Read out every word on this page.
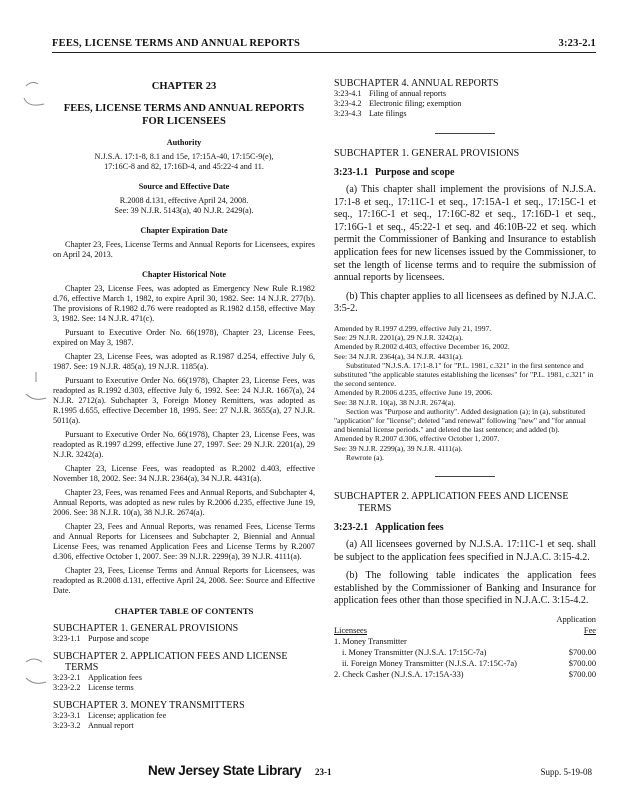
FEES, LICENSE TERMS AND ANNUAL REPORTS	3:23-2.1
CHAPTER 23
FEES, LICENSE TERMS AND ANNUAL REPORTS
FOR LICENSEES
Authority
N.J.S.A. 17:1-8, 8.1 and 15e, 17:15A-40, 17:15C-9(e),
17:16C-8 and 82, 17:16D-4, and 45:22-4 and 11.
Source and Effective Date
R.2008 d.131, effective April 24, 2008.
See: 39 N.J.R. 5143(a), 40 N.J.R. 2429(a).
Chapter Expiration Date

Chapter 23, Fees, License Terms and Annual Reports for Licensees, expires on April 24, 2013.

Chapter Historical Note

Chapter 23, License Fees, was adopted as Emergency New Rule R.1982 d.76, effective March 1, 1982, to expire April 30, 1982. See: 14 N.J.R. 277(b). The provisions of R.1982 d.76 were readopted as R.1982 d.158, effective May 3, 1982. See: 14 N.J.R. 471(c).

Pursuant to Executive Order No. 66(1978), Chapter 23, License Fees, expired on May 3, 1987.

Chapter 23, License Fees, was adopted as R.1987 d.254, effective July 6, 1987. See: 19 N.J.R. 485(a), 19 N.J.R. 1185(a).

Pursuant to Executive Order No. 66(1978), Chapter 23, License Fees, was readopted as R.1992 d.303, effective July 6, 1992. See: 24 N.J.R. 1667(a), 24 N.J.R. 2712(a). Subchapter 3, Foreign Money Remitters, was adopted as R.1995 d.655, effective December 18, 1995. See: 27 N.J.R. 3655(a), 27 N.J.R. 5011(a).

Pursuant to Executive Order No. 66(1978), Chapter 23, License Fees, was readopted as R.1997 d.299, effective June 27, 1997. See: 29 N.J.R. 2201(a), 29 N.J.R. 3242(a).

Chapter 23, License Fees, was readopted as R.2002 d.403, effective November 18, 2002. See: 34 N.J.R. 2364(a), 34 N.J.R. 4431(a).

Chapter 23, Fees, was renamed Fees and Annual Reports, and Subchapter 4, Annual Reports, was adopted as new rules by R.2006 d.235, effective June 19, 2006. See: 38 N.J.R. 10(a), 38 N.J.R. 2674(a).

Chapter 23, Fees and Annual Reports, was renamed Fees, License Terms and Annual Reports for Licensees and Subchapter 2, Biennial and Annual License Fees, was renamed Application Fees and License Terms by R.2007 d.306, effective October 1, 2007. See: 39 N.J.R. 2299(a), 39 N.J.R. 4111(a).

Chapter 23, Fees, License Terms and Annual Reports for Licensees, was readopted as R.2008 d.131, effective April 24, 2008. See: Source and Effective Date.

CHAPTER TABLE OF CONTENTS
SUBCHAPTER 1. GENERAL PROVISIONS
3:23-1.1 Purpose and scope
SUBCHAPTER 2. APPLICATION FEES AND LICENSE
TERMS
3:23-2.1 Application fees
3:23-2.2 License terms
SUBCHAPTER 3. MONEY TRANSMITTERS
3:23-3.1 License; application fee
3:23-3.2 Annual report
SUBCHAPTER 4. ANNUAL REPORTS
3:23-4.1 Filing of annual reports
3:23-4.2 Electronic filing; exemption
3:23-4.3 Late filings
SUBCHAPTER 1. GENERAL PROVISIONS
3:23-1.1 Purpose and scope
(a) This chapter shall implement the provisions of N.J.S.A. 17:1-8 et seq., 17:11C-1 et seq., 17:15A-1 et seq., 17:15C-1 et seq., 17:16C-1 et seq., 17:16C-82 et seq., 17:16D-1 et seq., 17:16G-1 et seq., 45:22-1 et seq. and 46:10B-22 et seq. which permit the Commissioner of Banking and Insurance to establish application fees for new licenses issued by the Commissioner, to set the length of license terms and to require the submission of annual reports by licensees.
(b) This chapter applies to all licensees as defined by N.J.A.C. 3:5-2.
Amended by R.1997 d.299, effective July 21, 1997.
See: 29 N.J.R. 2201(a), 29 N.J.R. 3242(a).
Amended by R.2002 d.403, effective December 16, 2002.
See: 34 N.J.R. 2364(a), 34 N.J.R. 4431(a).
Substituted "N.J.S.A. 17:1-8.1" for "P.L. 1981, c.321" in the first sentence and substituted "the applicable statutes establishing the licenses" for "P.L. 1981, c.321" in the second sentence.
Amended by R.2006 d.235, effective June 19, 2006.
See: 38 N.J.R. 10(a), 38 N.J.R. 2674(a).
Section was "Purpose and authority". Added designation (a); in (a), substituted "application" for "license"; deleted "and renewal" following "new" and "for annual and biennial license periods." and deleted the last sentence; and added (b).
Amended by R.2007 d.306, effective October 1, 2007.
See: 39 N.J.R. 2299(a), 39 N.J.R. 4111(a).
Rewrote (a).
SUBCHAPTER 2. APPLICATION FEES AND LICENSE
TERMS
3:23-2.1 Application fees
(a) All licensees governed by N.J.S.A. 17:11C-1 et seq. shall be subject to the application fees specified in N.J.A.C. 3:15-4.2.
(b) The following table indicates the application fees established by the Commissioner of Banking and Insurance for application fees other than those specified in N.J.A.C. 3:15-4.2.
	Application
Licensees	Fee
1. Money Transmitter	
i. Money Transmitter (N.J.S.A. 17:15C-7a)	$700.00
ii. Foreign Money Transmitter (N.J.S.A. 17:15C-7a)	$700.00
2. Check Casher (N.J.S.A. 17:15A-33)	$700.00
New Jersey State Library 23-1	Supp. 5-19-08
